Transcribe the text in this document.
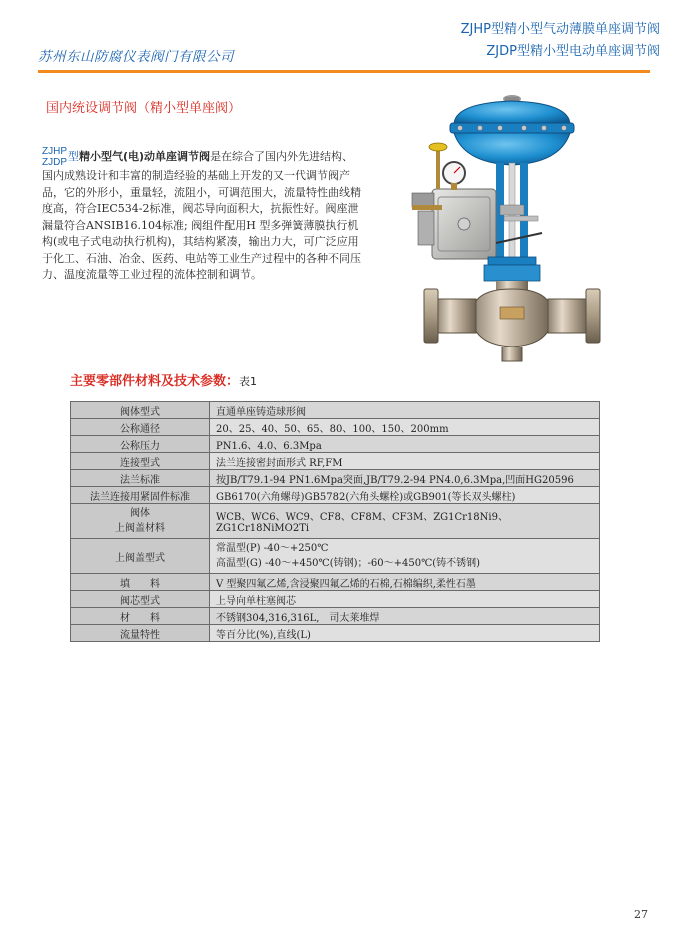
苏州东山防腐仪表阀门有限公司
ZJHP型精小型气动薄膜单座调节阀
ZJDP型精小型电动单座调节阀
国内统设调节阀（精小型单座阀）
ZJHP
ZJDP 型精小型气(电)动单座调节阀是在综合了国内外先进结构、国内成熟设计和丰富的制造经验的基础上开发的又一代调节阀产品，它的外形小，重量轻，流阻小，可调范围大，流量特性曲线精度高，符合IEC534-2标准，阀芯导向面积大，抗振性好。阀座泄漏量符合ANSIB16.104标准; 阀组件配用H 型多弹簧薄膜执行机构(或电子式电动执行机构)，其结构紧凑，输出力大，可广泛应用于化工、石油、冶金、医药、电站等工业生产过程中的各种不同压力、温度流量等工业过程的流体控制和调节。
主要零部件材料及技术参数：表1
阀体型式	直通单座铸造球形阀
公称通径	20、25、40、50、65、80、100、150、200mm
公称压力	PN1.6、4.0、6.3Mpa
连接型式	法兰连接密封面形式 RF,FM
法兰标准	按JB/T79.1-94 PN1.6Mpa突面,JB/T79.2-94 PN4.0,6.3Mpa,凹面HG20596
法兰连接用紧固件标准	GB6170(六角螺母)GB5782(六角头螺栓)或GB901(等长双头螺柱)

阀体
上阀盖材料	WCB、WC6、WC9、CF8、CF8M、CF3M、ZG1Cr18Ni9、ZG1Cr18NiMO2Ti
上阀盖型式	常温型(P) -40～+250℃
高温型(G) -40～+450℃(铸钢)；-60～+450℃(铸不锈钢)

填　　料	V 型聚四氟乙烯,含浸聚四氟乙烯的石棉,石棉编织,柔性石墨
阀芯型式	上导向单柱塞阀芯
材　　料	不锈钢304,316,316L,　司太莱堆焊
流量特性	等百分比(%),直线(L)
27
